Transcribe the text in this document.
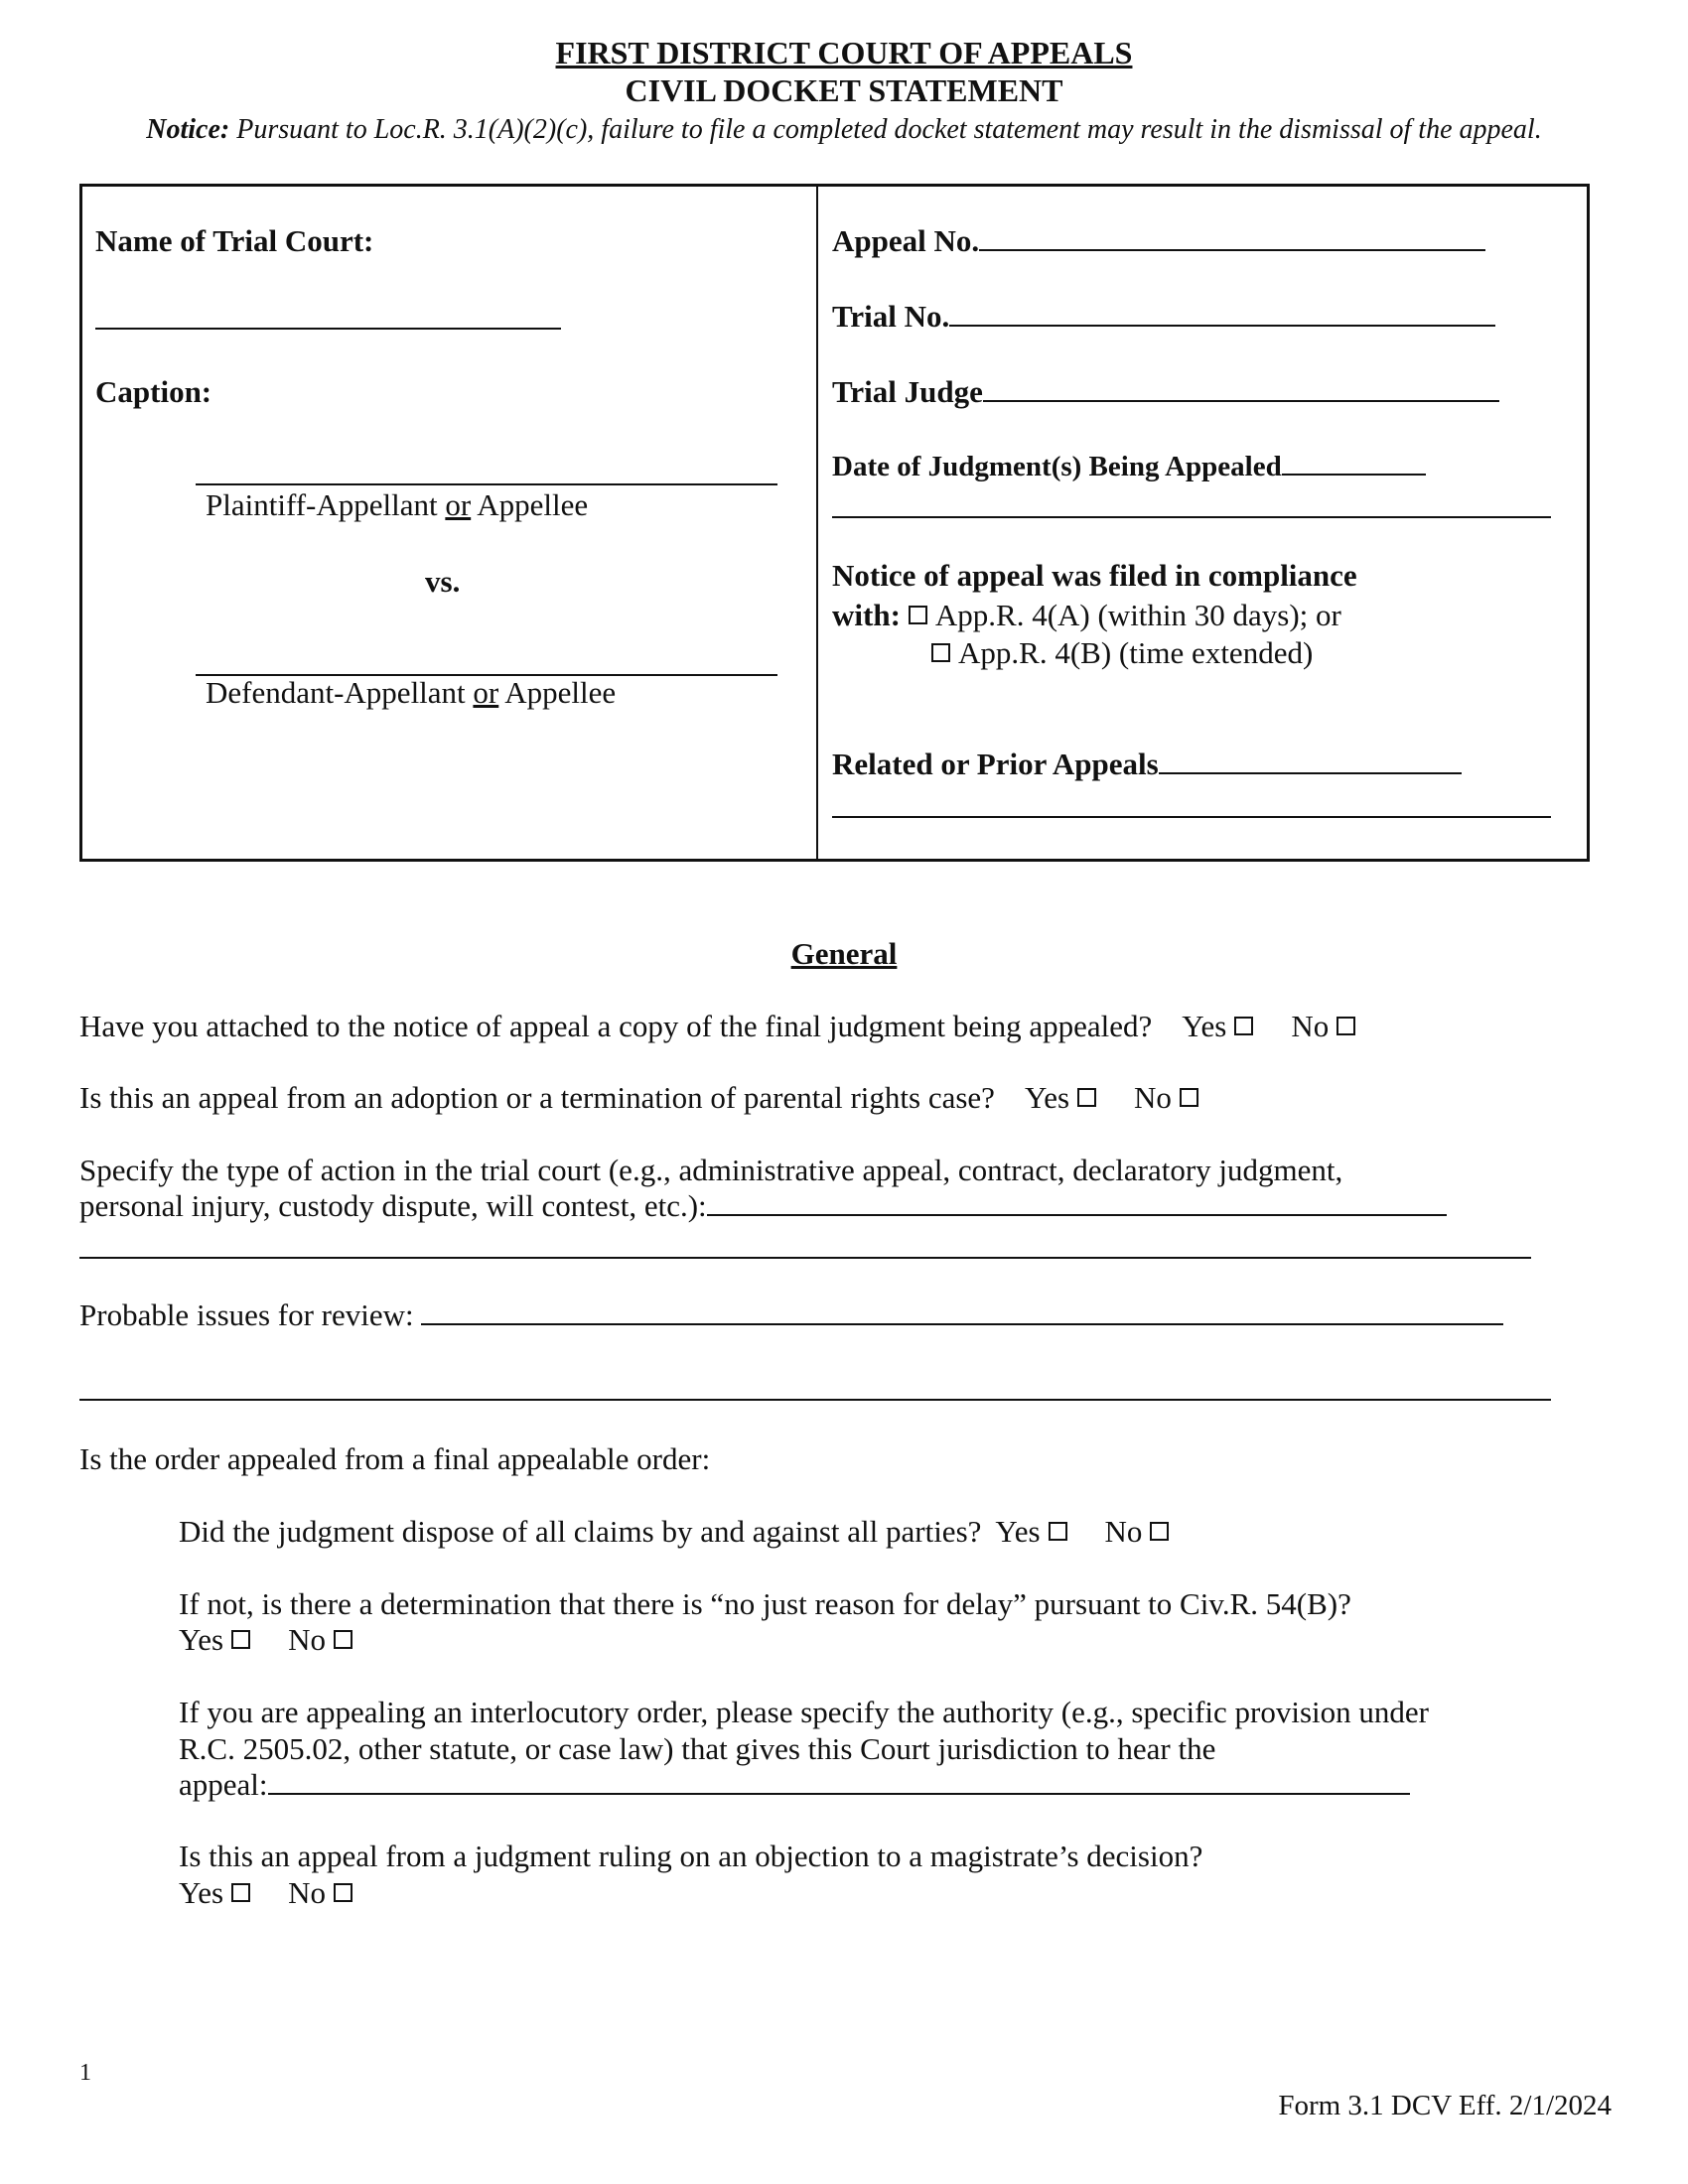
FIRST DISTRICT COURT OF APPEALS
CIVIL DOCKET STATEMENT
Notice: Pursuant to Loc.R. 3.1(A)(2)(c), failure to file a completed docket statement may result in the dismissal of the appeal.
Name of Trial Court:
Caption:
Plaintiff-Appellant or Appellee
vs.
Defendant-Appellant or Appellee
Appeal No.
Trial No.
Trial Judge
Date of Judgment(s) Being Appealed
Notice of appeal was filed in compliance
with: App.R. 4(A) (within 30 days); or
App.R. 4(B) (time extended)
Related or Prior Appeals
General
Have you attached to the notice of appeal a copy of the final judgment being appealed? Yes No
Is this an appeal from an adoption or a termination of parental rights case? Yes No
Specify the type of action in the trial court (e.g., administrative appeal, contract, declaratory judgment,
personal injury, custody dispute, will contest, etc.):
Probable issues for review:
Is the order appealed from a final appealable order:
Did the judgment dispose of all claims by and against all parties? Yes No
If not, is there a determination that there is “no just reason for delay” pursuant to Civ.R. 54(B)?
Yes No
If you are appealing an interlocutory order, please specify the authority (e.g., specific provision under
R.C. 2505.02, other statute, or case law) that gives this Court jurisdiction to hear the
appeal:
Is this an appeal from a judgment ruling on an objection to a magistrate’s decision?
Yes No
1
Form 3.1 DCV Eff. 2/1/2024
